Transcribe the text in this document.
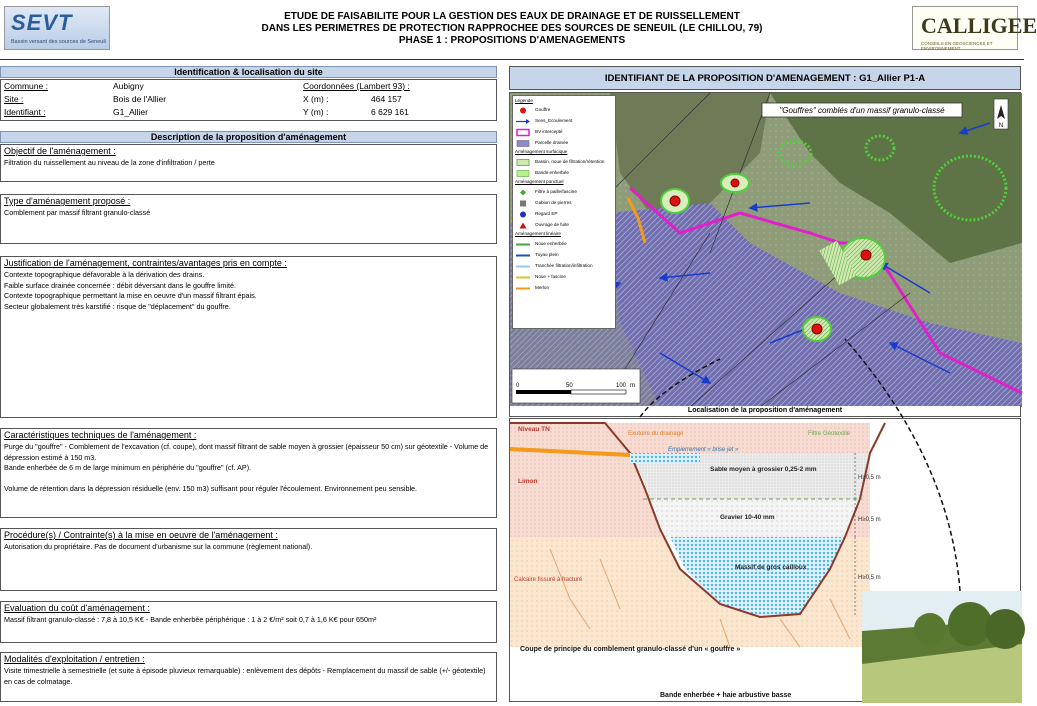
SEVT
Bassin versant des sources de Seneuil
ETUDE DE FAISABILITE POUR LA GESTION DES EAUX DE DRAINAGE ET DE RUISSELLEMENT
DANS LES PERIMETRES DE PROTECTION RAPPROCHEE DES SOURCES DE SENEUIL (LE CHILLOU, 79)
PHASE 1 : PROPOSITIONS D'AMENAGEMENTS
CALLIGEE
CONSEILS EN GEOSCIENCES ET ENVIRONNEMENT
Identification & localisation du site
Commune :	Aubigny	Coordonnées (Lambert 93) :
Site :	Bois de l'Allier	X (m) :	464 157
Identifiant :	G1_Allier	Y (m) :	6 629 161
Description de la proposition d'aménagement
Objectif de l'aménagement :
Filtration du ruissellement au niveau de la zone d'infiltration / perte
Type d'aménagement proposé :
Comblement par massif filtrant granulo-classé
Justification de l'aménagement, contraintes/avantages pris en compte :
Contexte topographique défavorable à la dérivation des drains.
Faible surface drainée concernée : débit déversant dans le gouffre limité.
Contexte topographique permettant la mise en oeuvre d'un massif filtrant épais.
Secteur globalement très karstifié : risque de "déplacement" du gouffre.
Caractéristiques techniques de l'aménagement :
Purge du "gouffre" - Comblement de l'excavation (cf. coupe), dont massif filtrant de sable moyen à grossier (épaisseur 50 cm) sur géotextile - Volume de dépression estimé à 150 m3.
Bande enherbée de 6 m de large minimum en périphérie du "gouffre" (cf. AP).

Volume de rétention dans la dépression résiduelle (env. 150 m3) suffisant pour réguler l'écoulement. Environnement peu sensible.
Procédure(s) / Contrainte(s) à la mise en oeuvre de l'aménagement :
Autorisation du propriétaire. Pas de document d'urbanisme sur la commune (règlement national).
Evaluation du coût d'aménagement :
Massif filtrant granulo-classé : 7,8 à 10,5 K€ - Bande enherbée périphérique : 1 à 2 €/m² soit 0,7 à 1,6 K€ pour 650m²
Modalités d'exploitation / entretien :
Visite trimestrielle à semestrielle (et suite à épisode pluvieux remarquable) : enlèvement des dépôts - Remplacement du massif de sable (+/- géotextile) en cas de colmatage.
IDENTIFIANT DE LA PROPOSITION D'AMENAGEMENT : G1_Allier P1-A
"Gouffres" comblés d'un massif granulo-classé
N
0	50	100 m
Légende
Gouffre
Sens_Ecoulement
BV intercepté
Parcelle drainée
Aménagement surfacique
Bassin, noue de filtration/rétention
Bande enherbée
Aménagement ponctuel
Filtre à paille/fascine
Gabion de pierres
Regard EP
Ouvrage de fuite
Aménagement linéaire
Noue enherbée
Tuyau plein
Tranchée filtration/infiltration
Noue + fascine
Merlon
Localisation de la proposition d'aménagement
Niveau TN
Limon
Calcaire fissuré à fracturé
Exutoire du drainage
Empierrement « brise jet »
Filtre Géotextile
Sable moyen à grossier 0,25-2 mm
Gravier 10-40 mm
Massif de gros cailloux
H≥0,5 m
H≥0,5 m
H≥0,5 m
Coupe de principe du comblement granulo-classé d'un « gouffre »
Bande enherbée + haie arbustive basse
